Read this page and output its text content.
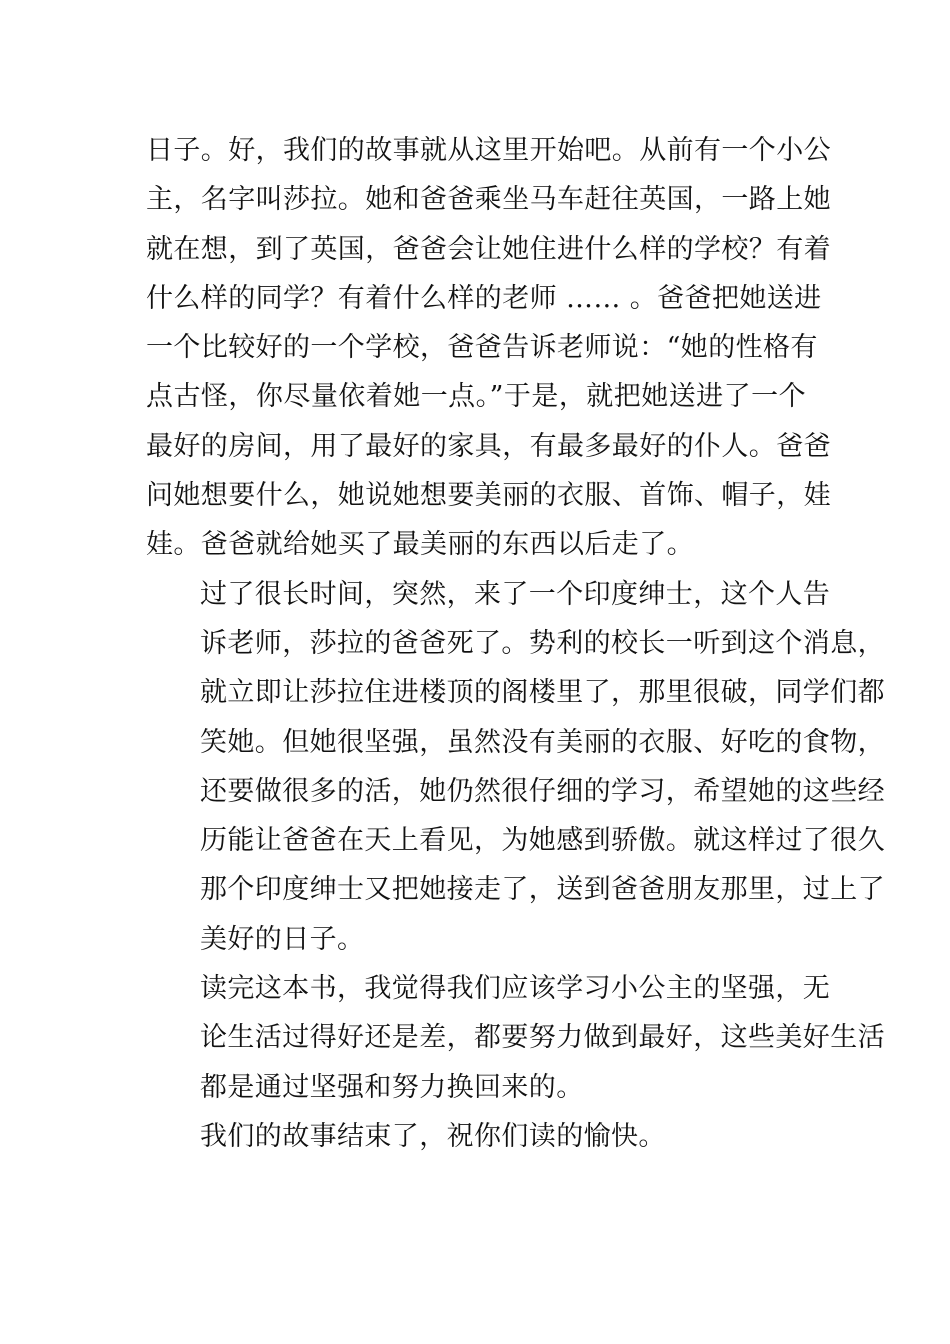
日子。好，我们的故事就从这里开始吧。从前有一个小公
主，名字叫莎拉。她和爸爸乘坐马车赶往英国，一路上她
就在想，到了英国，爸爸会让她住进什么样的学校？有着
什么样的同学？有着什么样的老师 …… 。爸爸把她送进
一个比较好的一个学校，爸爸告诉老师说：“她的性格有
点古怪，你尽量依着她一点。”于是，就把她送进了一个
最好的房间，用了最好的家具，有最多最好的仆人。爸爸
问她想要什么，她说她想要美丽的衣服、首饰、帽子，娃
娃。爸爸就给她买了最美丽的东西以后走了。

过了很长时间，突然，来了一个印度绅士，这个人告
诉老师，莎拉的爸爸死了。势利的校长一听到这个消息，
就立即让莎拉住进楼顶的阁楼里了，那里很破，同学们都
笑她。但她很坚强，虽然没有美丽的衣服、好吃的食物，
还要做很多的活，她仍然很仔细的学习，希望她的这些经
历能让爸爸在天上看见，为她感到骄傲。就这样过了很久
那个印度绅士又把她接走了，送到爸爸朋友那里，过上了
美好的日子。

读完这本书，我觉得我们应该学习小公主的坚强，无
论生活过得好还是差，都要努力做到最好，这些美好生活
都是通过坚强和努力换回来的。

我们的故事结束了，祝你们读的愉快。
